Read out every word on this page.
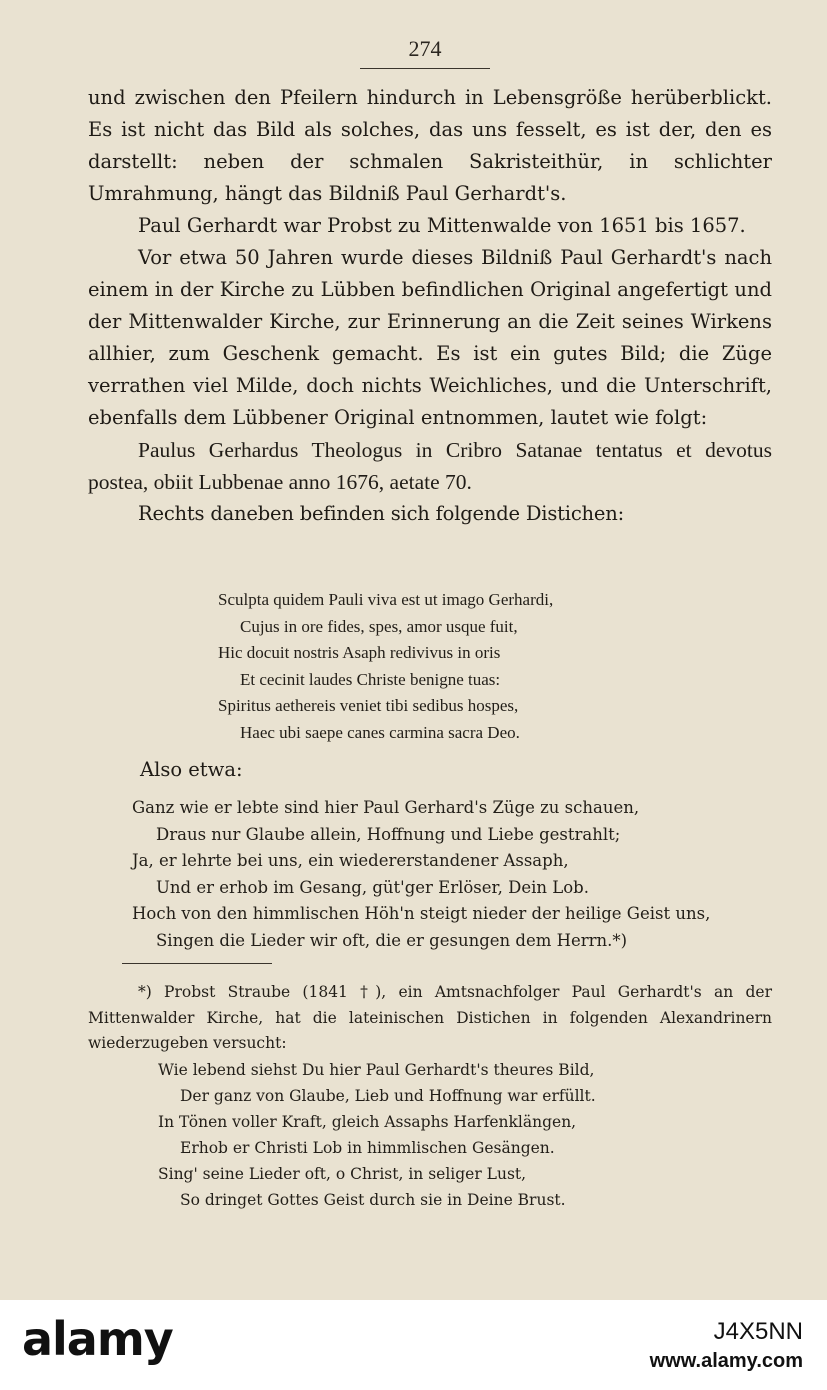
274

und zwischen den Pfeilern hindurch in Lebensgröße herüberblickt. Es ist nicht das Bild als solches, das uns fesselt, es ist der, den es darstellt: neben der schmalen Sakristeithür, in schlichter Umrahmung, hängt das Bildniß Paul Gerhardt's.

Paul Gerhardt war Probst zu Mittenwalde von 1651 bis 1657.

Vor etwa 50 Jahren wurde dieses Bildniß Paul Gerhardt's nach einem in der Kirche zu Lübben befindlichen Original angefertigt und der Mittenwalder Kirche, zur Erinnerung an die Zeit seines Wirkens allhier, zum Geschenk gemacht. Es ist ein gutes Bild; die Züge verrathen viel Milde, doch nichts Weichliches, und die Unterschrift, ebenfalls dem Lübbener Original entnommen, lautet wie folgt:

Paulus Gerhardus Theologus in Cribro Satanae tentatus et devotus postea, obiit Lubbenae anno 1676, aetate 70.

Rechts daneben befinden sich folgende Distichen:

Sculpta quidem Pauli viva est ut imago Gerhardi,
Cujus in ore fides, spes, amor usque fuit,
Hic docuit nostris Asaph redivivus in oris
Et cecinit laudes Christe benigne tuas:
Spiritus aethereis veniet tibi sedibus hospes,
Haec ubi saepe canes carmina sacra Deo.
Also etwa:
Ganz wie er lebte sind hier Paul Gerhard's Züge zu schauen,
Draus nur Glaube allein, Hoffnung und Liebe gestrahlt;
Ja, er lehrte bei uns, ein wiedererstandener Assaph,
Und er erhob im Gesang, güt'ger Erlöser, Dein Lob.
Hoch von den himmlischen Höh'n steigt nieder der heilige Geist uns,
Singen die Lieder wir oft, die er gesungen dem Herrn.*)

*) Probst Straube (1841 †), ein Amtsnachfolger Paul Gerhardt's an der Mittenwalder Kirche, hat die lateinischen Distichen in folgenden Alexandrinern wiederzugeben versucht:

Wie lebend siehst Du hier Paul Gerhardt's theures Bild,
Der ganz von Glaube, Lieb und Hoffnung war erfüllt.
In Tönen voller Kraft, gleich Assaphs Harfenklängen,
Erhob er Christi Lob in himmlischen Gesängen.
Sing' seine Lieder oft, o Christ, in seliger Lust,
So dringet Gottes Geist durch sie in Deine Brust.
alamy	J4X5NN
www.alamy.com
